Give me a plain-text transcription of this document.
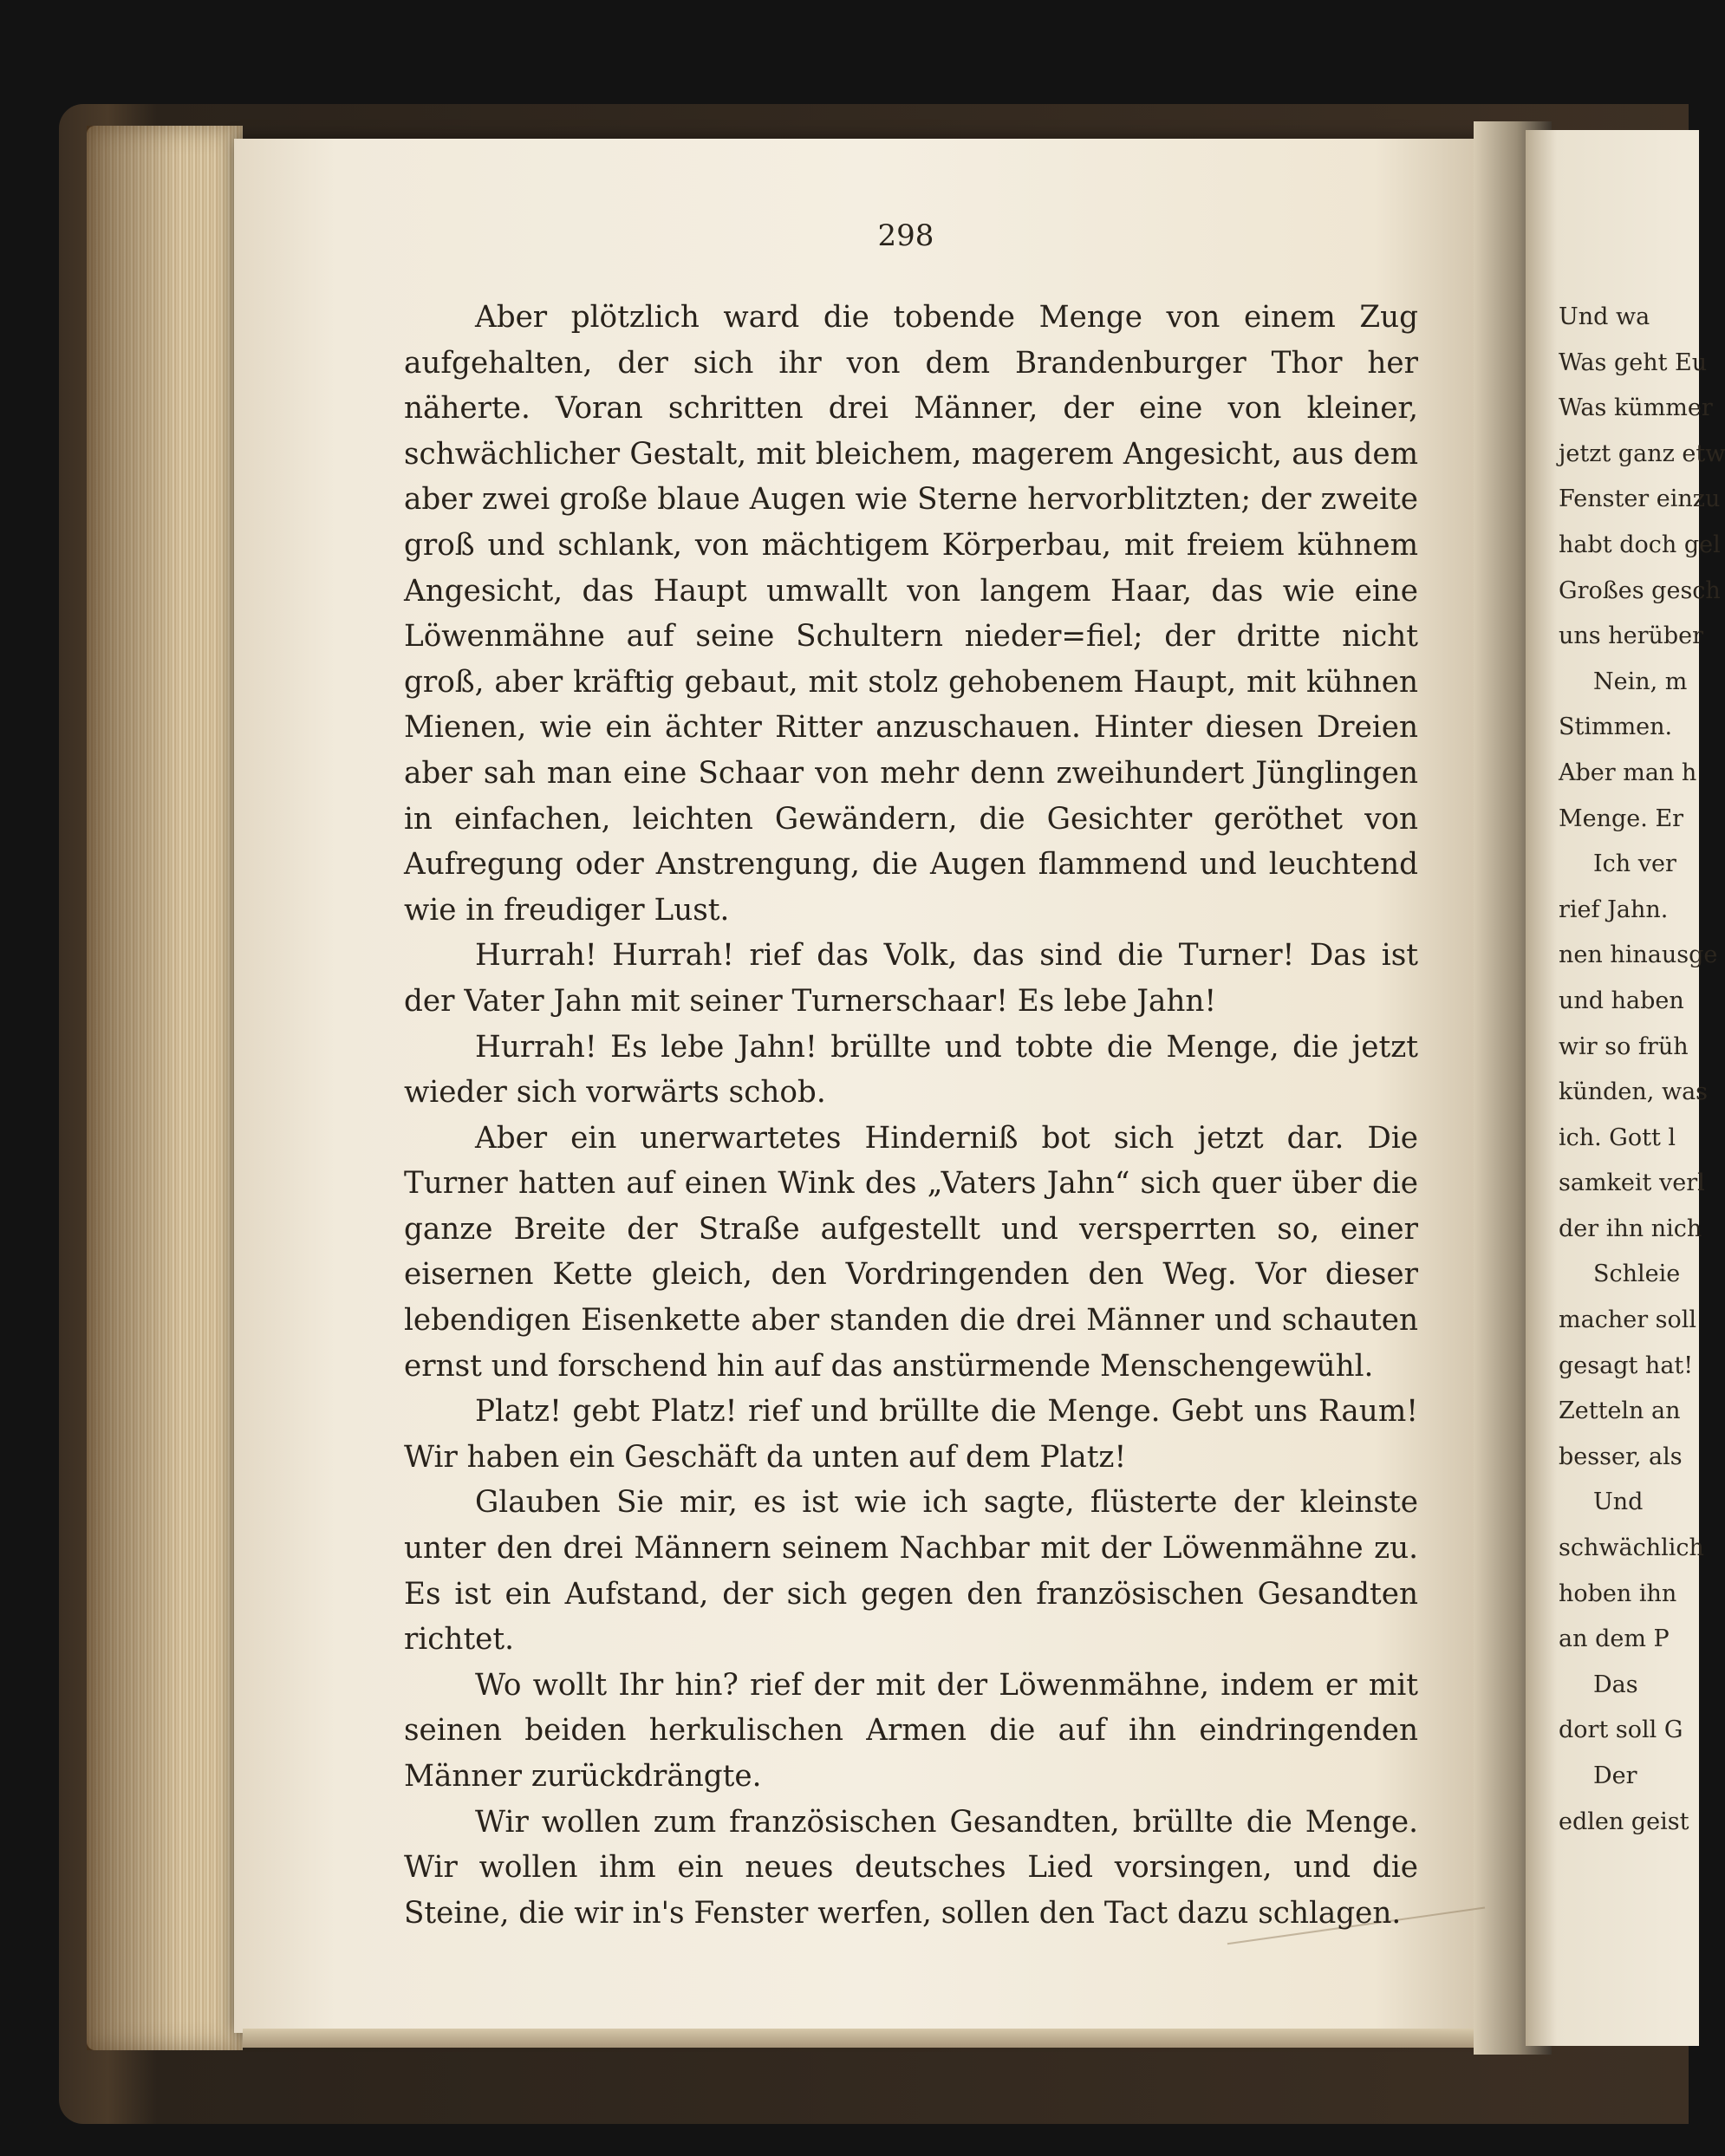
298

Aber plötzlich ward die tobende Menge von einem Zug aufgehalten, der sich ihr von dem Brandenburger Thor her näherte. Voran schritten drei Männer, der eine von kleiner, schwächlicher Gestalt, mit bleichem, magerem Angesicht, aus dem aber zwei große blaue Augen wie Sterne hervorblitzten; der zweite groß und schlank, von mächtigem Körperbau, mit freiem kühnem Angesicht, das Haupt umwallt von langem Haar, das wie eine Löwenmähne auf seine Schultern nieder=fiel; der dritte nicht groß, aber kräftig gebaut, mit stolz gehobenem Haupt, mit kühnen Mienen, wie ein ächter Ritter anzuschauen. Hinter diesen Dreien aber sah man eine Schaar von mehr denn zweihundert Jünglingen in einfachen, leichten Gewändern, die Gesichter geröthet von Aufregung oder Anstrengung, die Augen flammend und leuchtend wie in freudiger Lust.

Hurrah! Hurrah! rief das Volk, das sind die Turner! Das ist der Vater Jahn mit seiner Turnerschaar! Es lebe Jahn!

Hurrah! Es lebe Jahn! brüllte und tobte die Menge, die jetzt wieder sich vorwärts schob.

Aber ein unerwartetes Hinderniß bot sich jetzt dar. Die Turner hatten auf einen Wink des „Vaters Jahn“ sich quer über die ganze Breite der Straße aufgestellt und versperrten so, einer eisernen Kette gleich, den Vordringenden den Weg. Vor dieser lebendigen Eisenkette aber standen die drei Männer und schauten ernst und forschend hin auf das anstürmende Menschengewühl.

Platz! gebt Platz! rief und brüllte die Menge. Gebt uns Raum! Wir haben ein Geschäft da unten auf dem Platz!

Glauben Sie mir, es ist wie ich sagte, flüsterte der kleinste unter den drei Männern seinem Nachbar mit der Löwenmähne zu. Es ist ein Aufstand, der sich gegen den französischen Gesandten richtet.

Wo wollt Ihr hin? rief der mit der Löwenmähne, indem er mit seinen beiden herkulischen Armen die auf ihn eindringenden Männer zurückdrängte.

Wir wollen zum französischen Gesandten, brüllte die Menge. Wir wollen ihm ein neues deutsches Lied vorsingen, und die Steine, die wir in's Fenster werfen, sollen den Tact dazu schlagen.

Und wa
Was geht Eu
Was kümmer
jetzt ganz etw
Fenster einzu
habt doch gel
Großes gesch
uns herüber
Nein, m
Stimmen.
Aber man h
Menge. Er
Ich ver
rief Jahn.
nen hinausge
und haben
wir so früh
künden, was
ich. Gott l
samkeit verl
der ihn nich
Schleie
macher soll
gesagt hat!
Zetteln an
besser, als
Und
schwächlich
hoben ihn
an dem P
Das
dort soll G
Der
edlen geist
